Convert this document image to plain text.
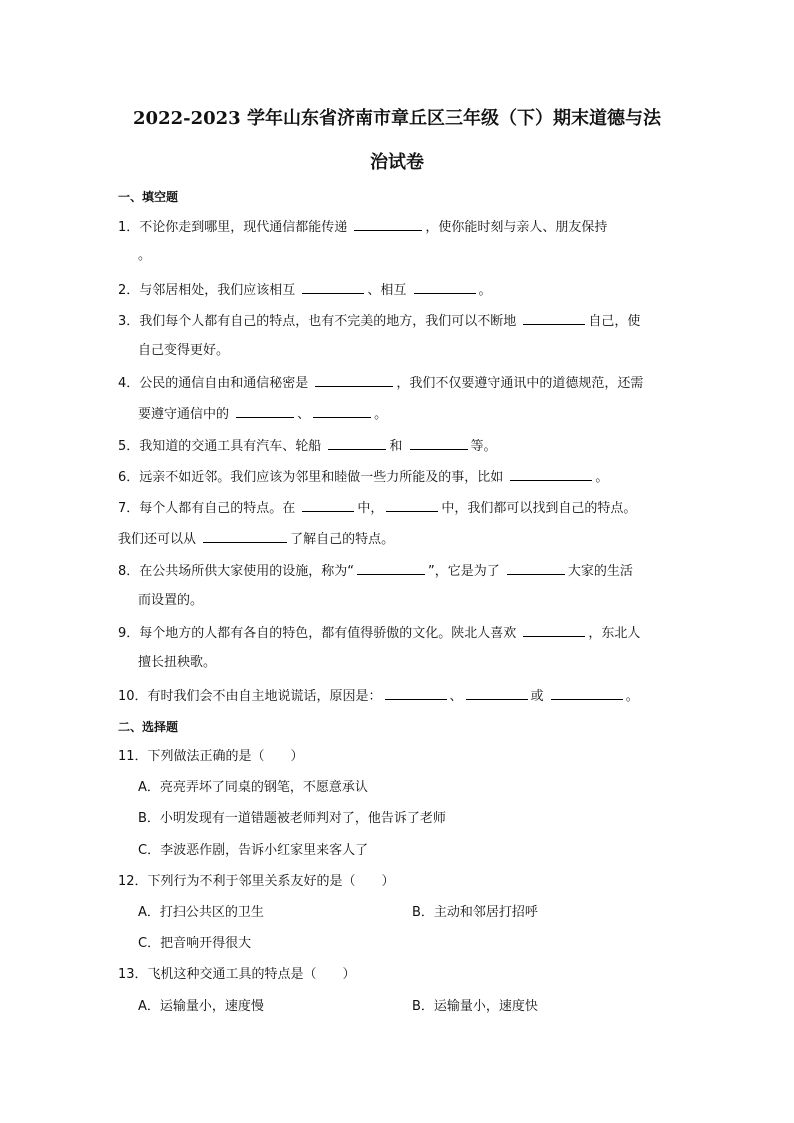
2022-2023 学年山东省济南市章丘区三年级（下）期末道德与法
治试卷
一、填空题
1．不论你走到哪里，现代通信都能传递	，使你能时刻与亲人、朋友保持
。
2．与邻居相处，我们应该相互	、相互	。
3．我们每个人都有自己的特点，也有不完美的地方，我们可以不断地	自己，使
自己变得更好。
4．公民的通信自由和通信秘密是	，我们不仅要遵守通讯中的道德规范，还需
要遵守通信中的	、	。
5．我知道的交通工具有汽车、轮船	和	等。
6．远亲不如近邻。我们应该为邻里和睦做一些力所能及的事，比如	。
7．每个人都有自己的特点。在	中，	中，我们都可以找到自己的特点。
我们还可以从	了解自己的特点。
8．在公共场所供大家使用的设施，称为“	”，它是为了	大家的生活
而设置的。
9．每个地方的人都有各自的特色，都有值得骄傲的文化。陕北人喜欢	，东北人
擅长扭秧歌。
10．有时我们会不由自主地说谎话，原因是：	、	或	。
二、选择题
11．下列做法正确的是（　　）
A．亮亮弄坏了同桌的钢笔，不愿意承认
B．小明发现有一道错题被老师判对了，他告诉了老师
C．李波恶作剧，告诉小红家里来客人了
12．下列行为不利于邻里关系友好的是（　　）
A．打扫公共区的卫生	B．主动和邻居打招呼
C．把音响开得很大
13．飞机这种交通工具的特点是（　　）
A．运输量小，速度慢	B．运输量小，速度快
